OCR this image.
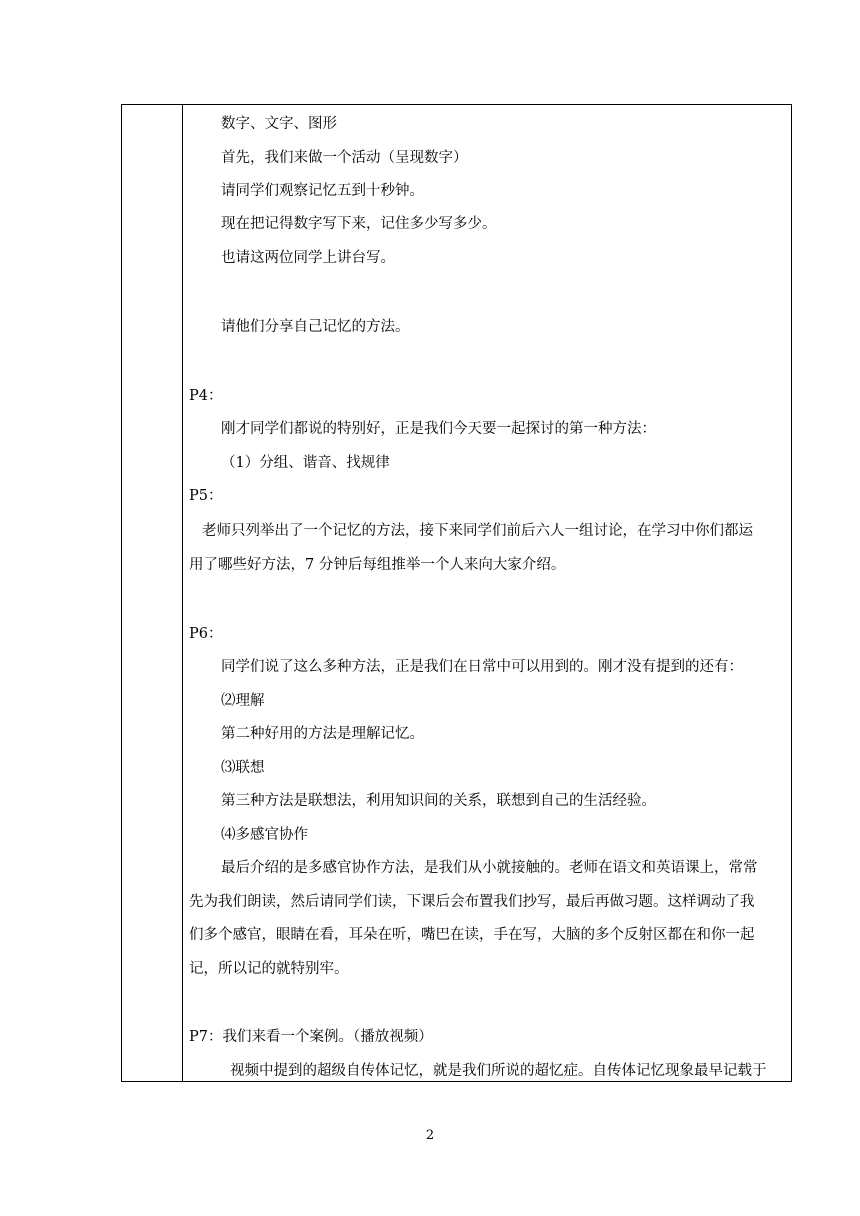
数字、文字、图形
首先，我们来做一个活动（呈现数字）
请同学们观察记忆五到十秒钟。
现在把记得数字写下来，记住多少写多少。
也请这两位同学上讲台写。
请他们分享自己记忆的方法。
P4：
刚才同学们都说的特别好，正是我们今天要一起探讨的第一种方法：
（1）分组、谐音、找规律
P5：
老师只列举出了一个记忆的方法，接下来同学们前后六人一组讨论，在学习中你们都运
用了哪些好方法，7 分钟后每组推举一个人来向大家介绍。
P6：
同学们说了这么多种方法，正是我们在日常中可以用到的。刚才没有提到的还有：
⑵理解
第二种好用的方法是理解记忆。
⑶联想
第三种方法是联想法，利用知识间的关系，联想到自己的生活经验。
⑷多感官协作
最后介绍的是多感官协作方法，是我们从小就接触的。老师在语文和英语课上，常常
先为我们朗读，然后请同学们读，下课后会布置我们抄写，最后再做习题。这样调动了我
们多个感官，眼睛在看，耳朵在听，嘴巴在读，手在写，大脑的多个反射区都在和你一起
记，所以记的就特别牢。
P7：我们来看一个案例。（播放视频）
视频中提到的超级自传体记忆，就是我们所说的超忆症。自传体记忆现象最早记载于
2
